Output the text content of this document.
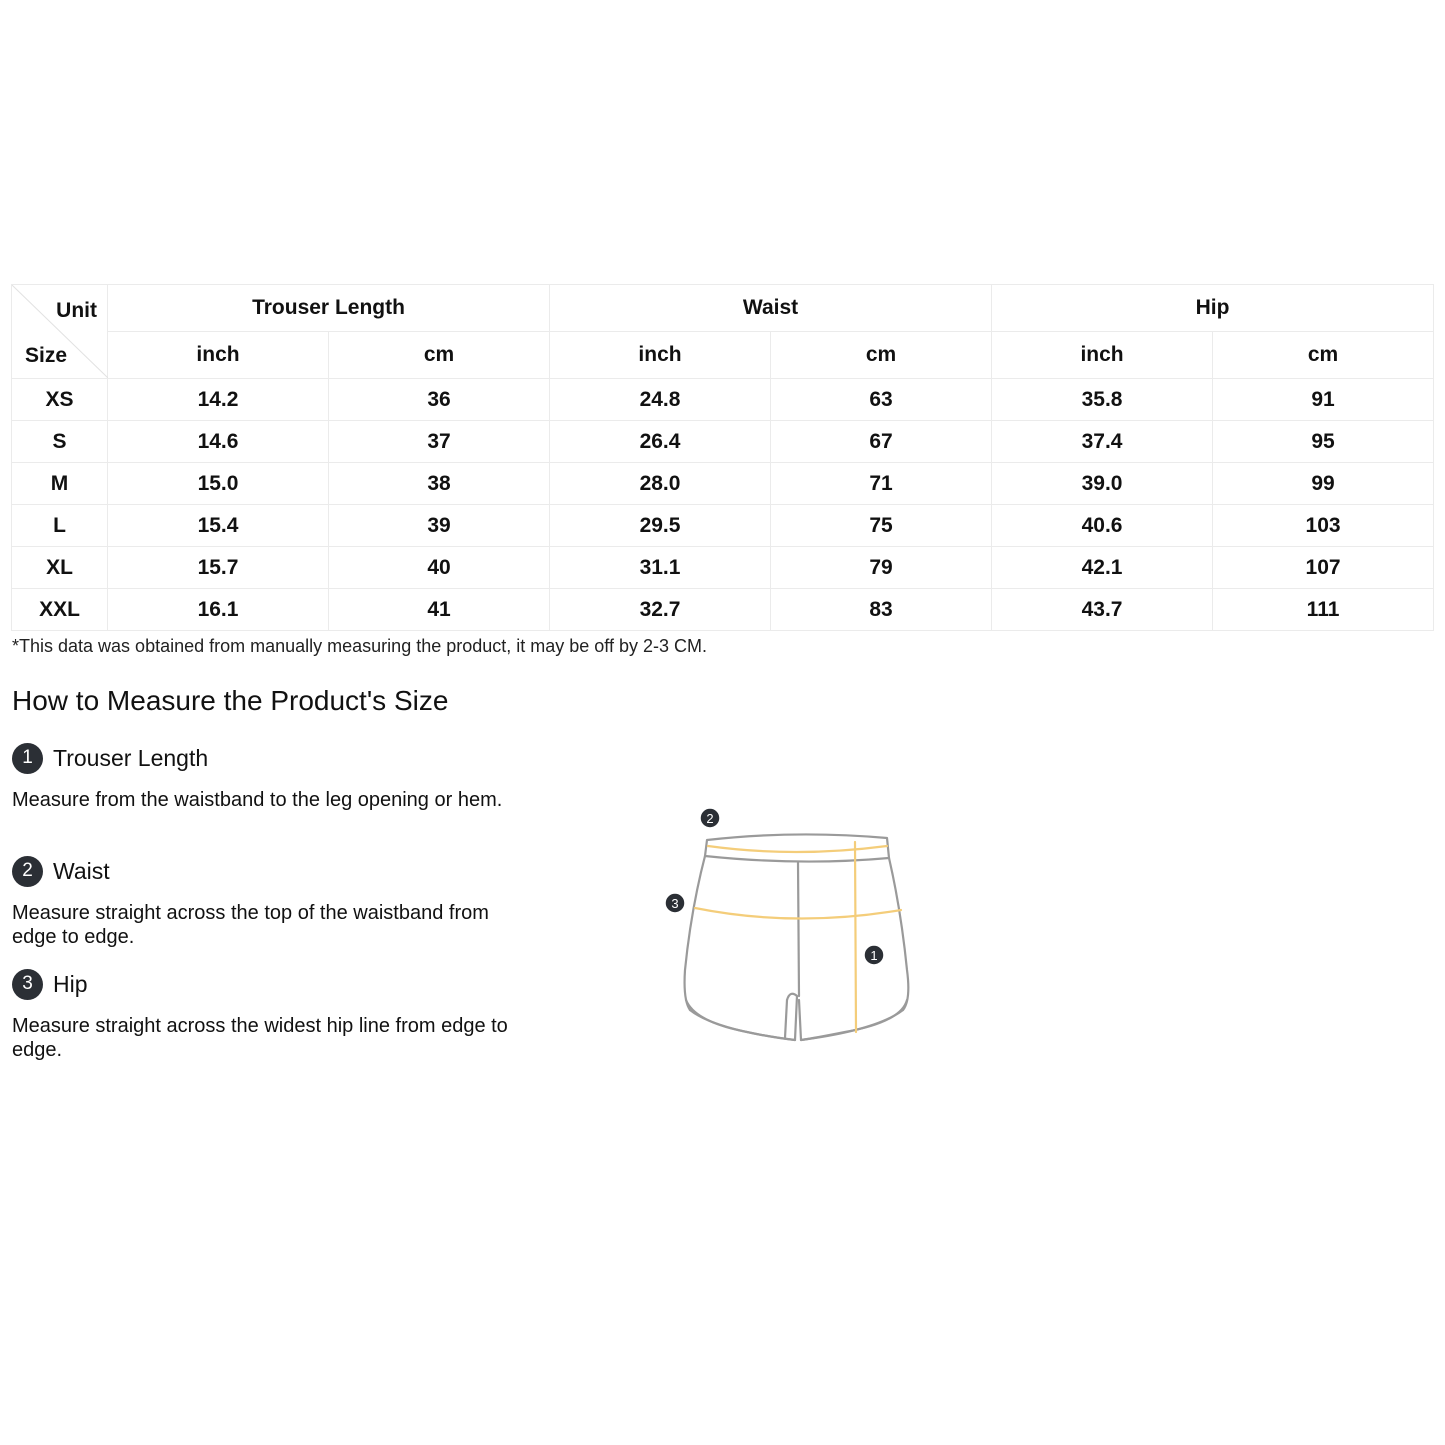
Unit
Size	Trouser Length		Waist		Hip	
	inch	cm	inch	cm	inch	cm
XS	14.2	36	24.8	63	35.8	91
S	14.6	37	26.4	67	37.4	95
M	15.0	38	28.0	71	39.0	99
L	15.4	39	29.5	75	40.6	103
XL	15.7	40	31.1	79	42.1	107
XXL	16.1	41	32.7	83	43.7	111
*This data was obtained from manually measuring the product, it may be off by 2-3 CM.
How to Measure the Product's Size
1 Trouser Length
Measure from the waistband to the leg opening or hem.
2 Waist
Measure straight across the top of the waistband from edge to edge.
3 Hip
Measure straight across the widest hip line from edge to edge.
2
3
1
